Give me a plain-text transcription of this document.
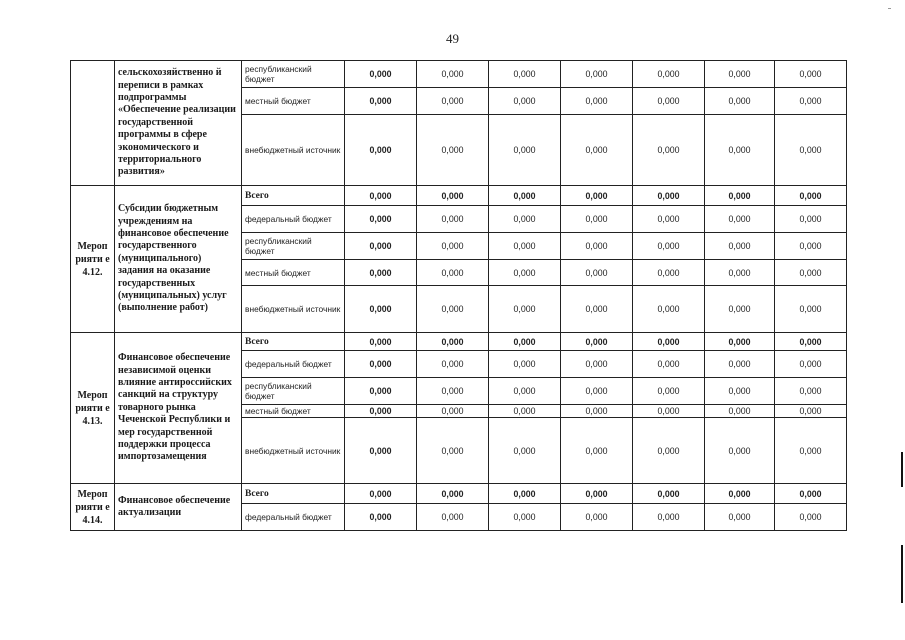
49
	сельскохозяйственно й переписи в рамках подпрограммы «Обеспечение реализации государственной программы в сфере экономического и территориального развития»	республиканский бюджет	0,000	0,000	0,000	0,000	0,000	0,000	0,000
		местный бюджет	0,000	0,000	0,000	0,000	0,000	0,000	0,000
		внебюджетный источник	0,000	0,000	0,000	0,000	0,000	0,000	0,000
Мероп рияти е 4.12.	Субсидии бюджетным учреждениям на финансовое обеспечение государственного (муниципального) задания на оказание государственных (муниципальных) услуг (выполнение работ)	Всего	0,000	0,000	0,000	0,000	0,000	0,000	0,000
		федеральный бюджет	0,000	0,000	0,000	0,000	0,000	0,000	0,000
		республиканский бюджет	0,000	0,000	0,000	0,000	0,000	0,000	0,000
		местный бюджет	0,000	0,000	0,000	0,000	0,000	0,000	0,000
		внебюджетный источник	0,000	0,000	0,000	0,000	0,000	0,000	0,000
Мероп рияти е 4.13.	Финансовое обеспечение независимой оценки влияние антироссийских санкций на структуру товарного рынка Чеченской Республики и мер государственной поддержки процесса импортозамещения	Всего	0,000	0,000	0,000	0,000	0,000	0,000	0,000
		федеральный бюджет	0,000	0,000	0,000	0,000	0,000	0,000	0,000
		республиканский бюджет	0,000	0,000	0,000	0,000	0,000	0,000	0,000
		местный бюджет	0,000	0,000	0,000	0,000	0,000	0,000	0,000
		внебюджетный источник	0,000	0,000	0,000	0,000	0,000	0,000	0,000
Мероп рияти е 4.14.	Финансовое обеспечение актуализации	Всего	0,000	0,000	0,000	0,000	0,000	0,000	0,000
		федеральный бюджет	0,000	0,000	0,000	0,000	0,000	0,000	0,000
